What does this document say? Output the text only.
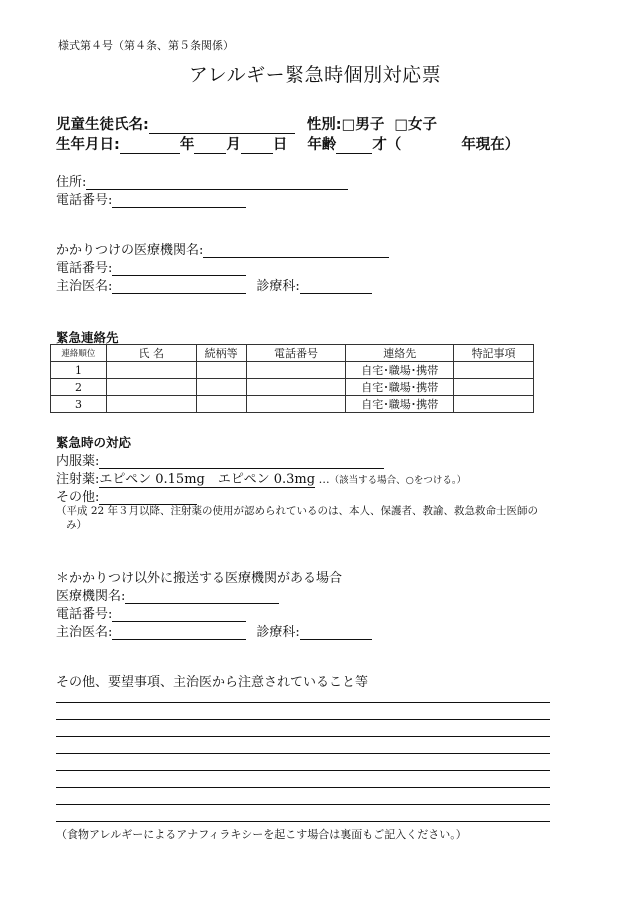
様式第４号（第４条、第５条関係）
アレルギー緊急時個別対応票
児童生徒氏名:	性別:□男子 □女子
生年月日:	年 月 日 年齢 才（	年現在）
住所:
電話番号:
かかりつけの医療機関名:
電話番号:
主治医名:	診療科:
緊急連絡先
連絡順位	氏 名	続柄等	電話番号	連絡先	特記事項
1				自宅･職場･携帯	
2				自宅･職場･携帯	
3				自宅･職場･携帯	
緊急時の対応
内服薬:
注射薬:エピペン 0.15mg　エピペン 0.3mg …（該当する場合、○をつける。）
その他:
（平成 22 年３月以降、注射薬の使用が認められているのは、本人、保護者、教諭、救急救命士医師の
み）
＊かかりつけ以外に搬送する医療機関がある場合
医療機関名:
電話番号:
主治医名:	診療科:
その他、要望事項、主治医から注意されていること等
（食物アレルギーによるアナフィラキシーを起こす場合は裏面もご記入ください。）
